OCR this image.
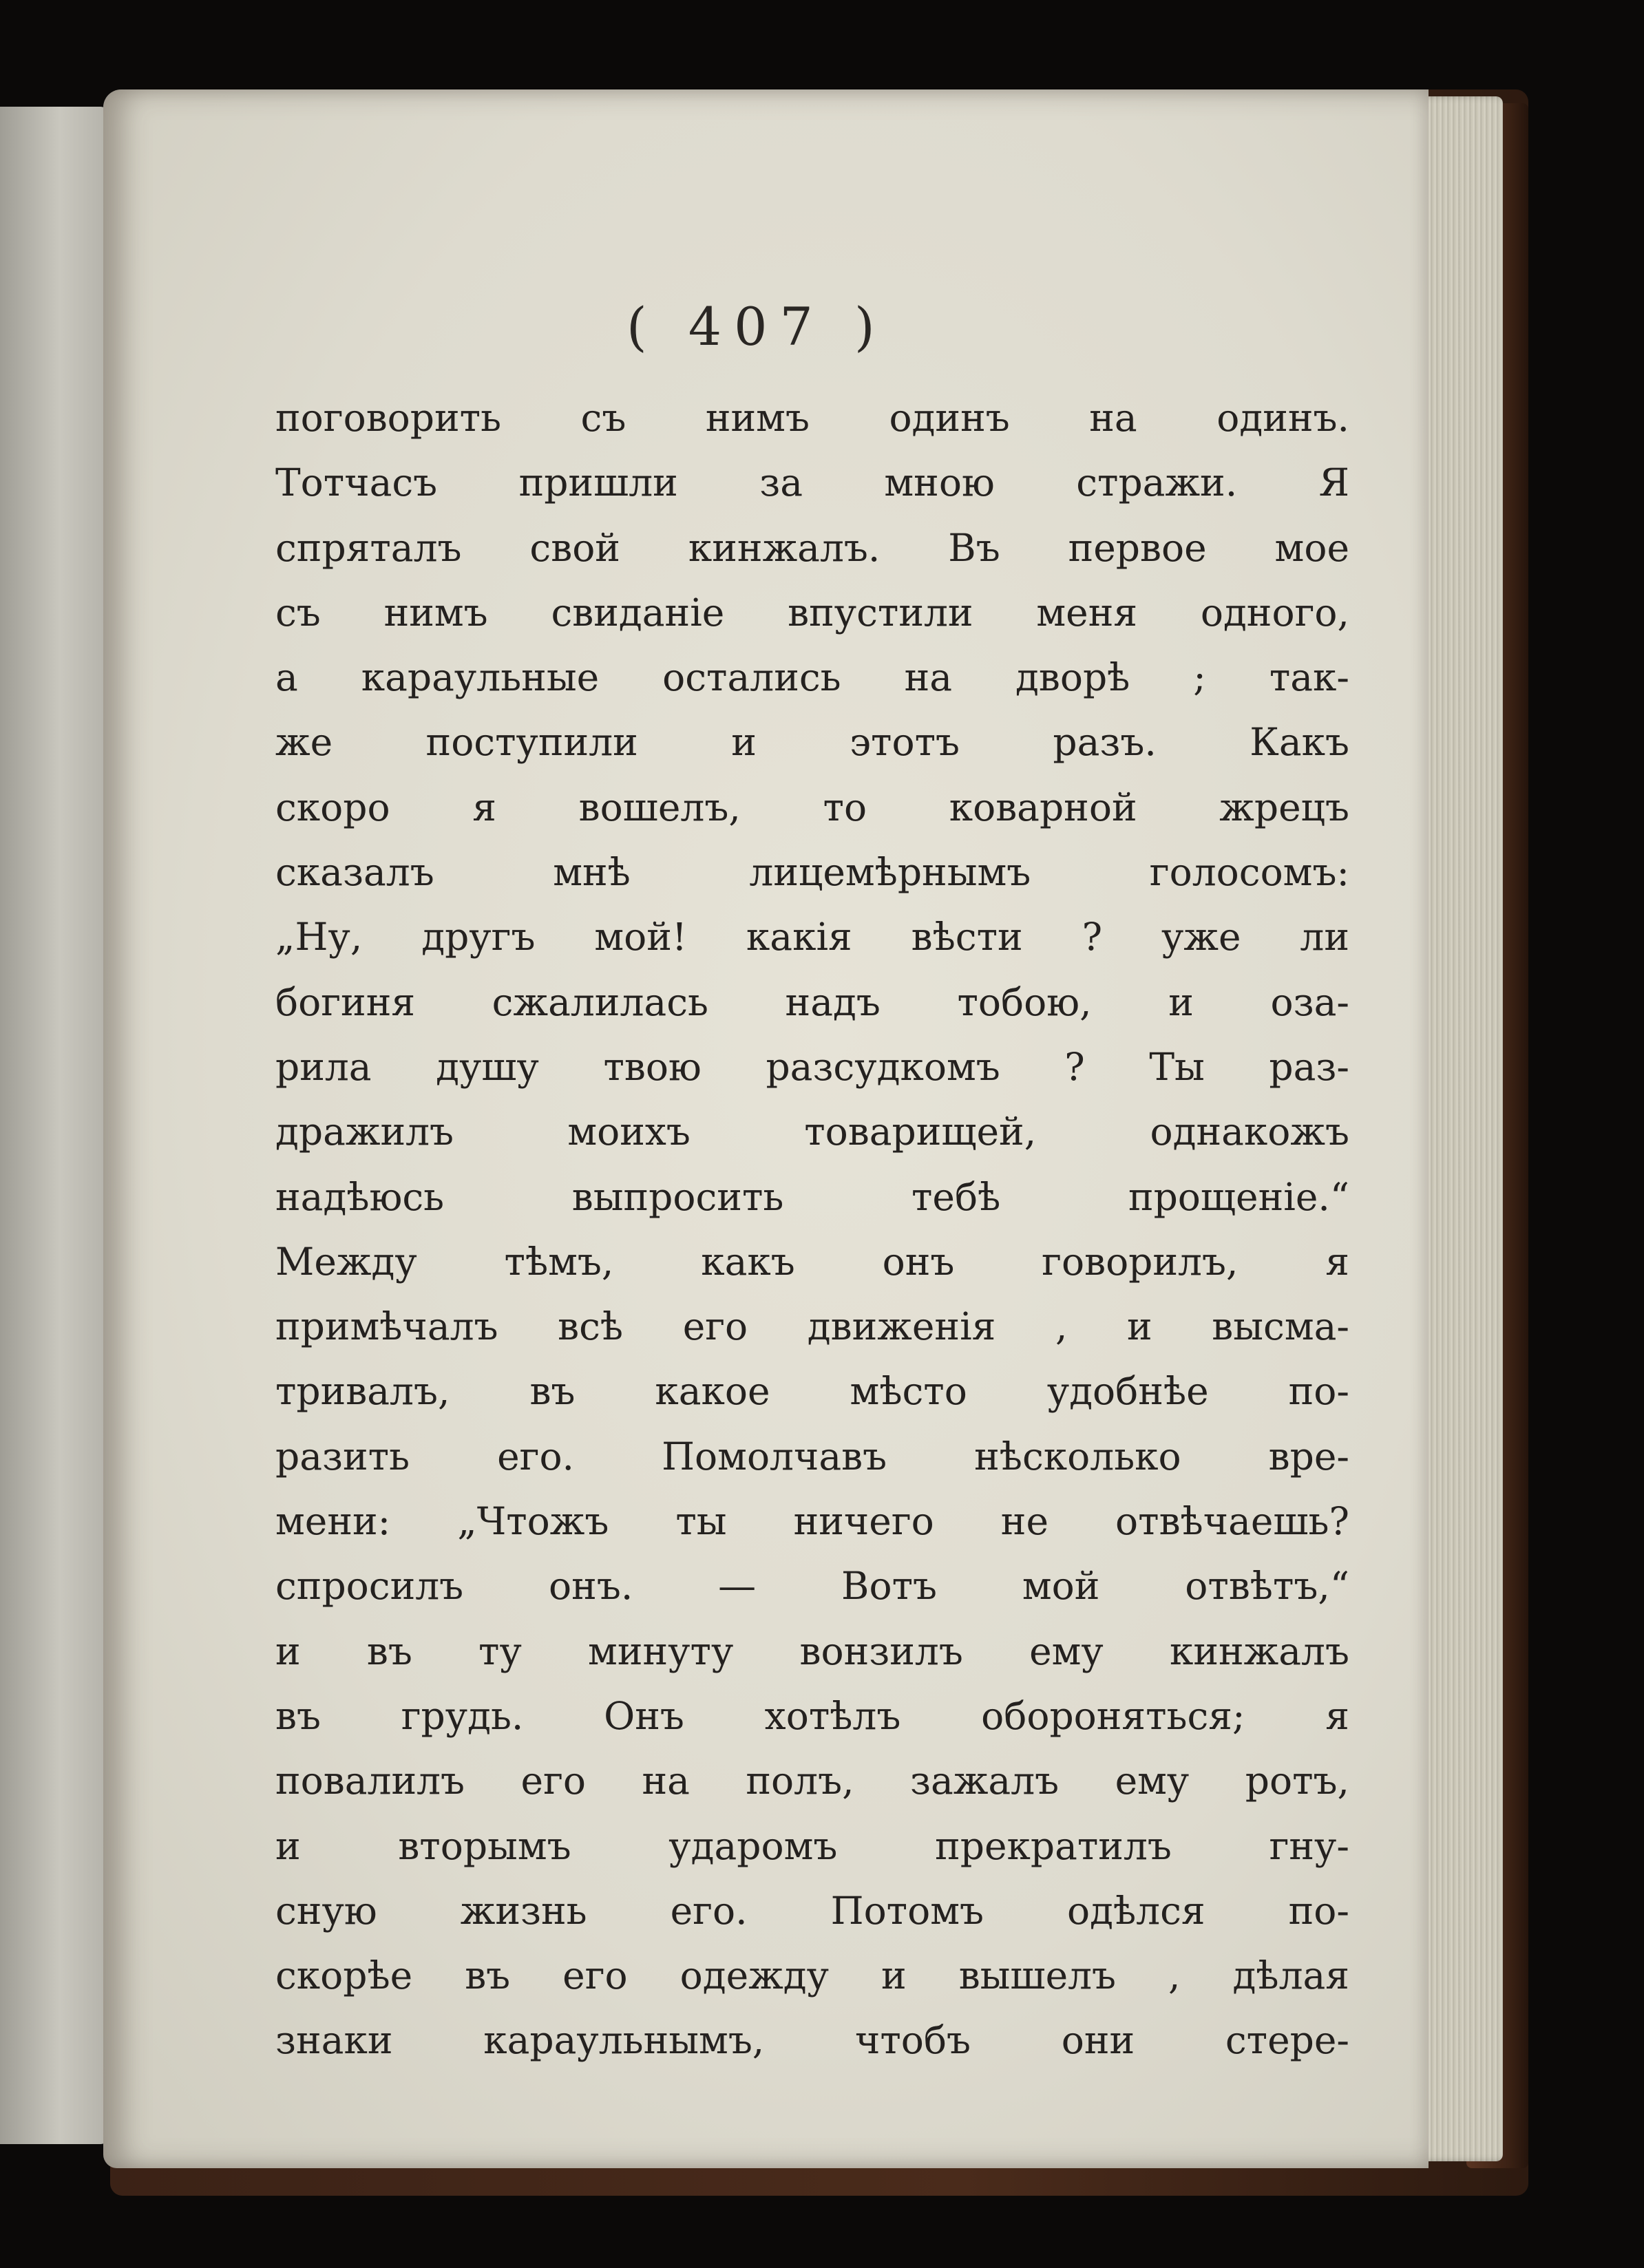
( 407 )
поговорить съ нимъ одинъ на одинъ.
Тотчасъ пришли за мною стражи. Я
спряталъ свой кинжалъ. Въ первое мое
съ нимъ свиданіе впустили меня одного,
а караульные остались на дворѣ ; так-
же поступили и этотъ разъ. Какъ
скоро я вошелъ, то коварной жрецъ
сказалъ мнѣ лицемѣрнымъ голосомъ:
„Ну, другъ мой! какія вѣсти ? уже ли
богиня сжалилась надъ тобою, и оза-
рила душу твою разсудкомъ ? Ты раз-
дражилъ моихъ товарищей, однакожъ
надѣюсь выпросить тебѣ прощеніе.“
Между тѣмъ, какъ онъ говорилъ, я
примѣчалъ всѣ его движенія , и высма-
тривалъ, въ какое мѣсто удобнѣе по-
разить его. Помолчавъ нѣсколько вре-
мени: „Чтожъ ты ничего не отвѣчаешь?
спросилъ онъ. — Вотъ мой отвѣтъ,“
и въ ту минуту вонзилъ ему кинжалъ
въ грудь. Онъ хотѣлъ обороняться; я
повалилъ его на полъ, зажалъ ему ротъ,
и вторымъ ударомъ прекратилъ гну-
сную жизнь его. Потомъ одѣлся по-
скорѣе въ его одежду и вышелъ , дѣлая
знаки караульнымъ, чтобъ они стере-
